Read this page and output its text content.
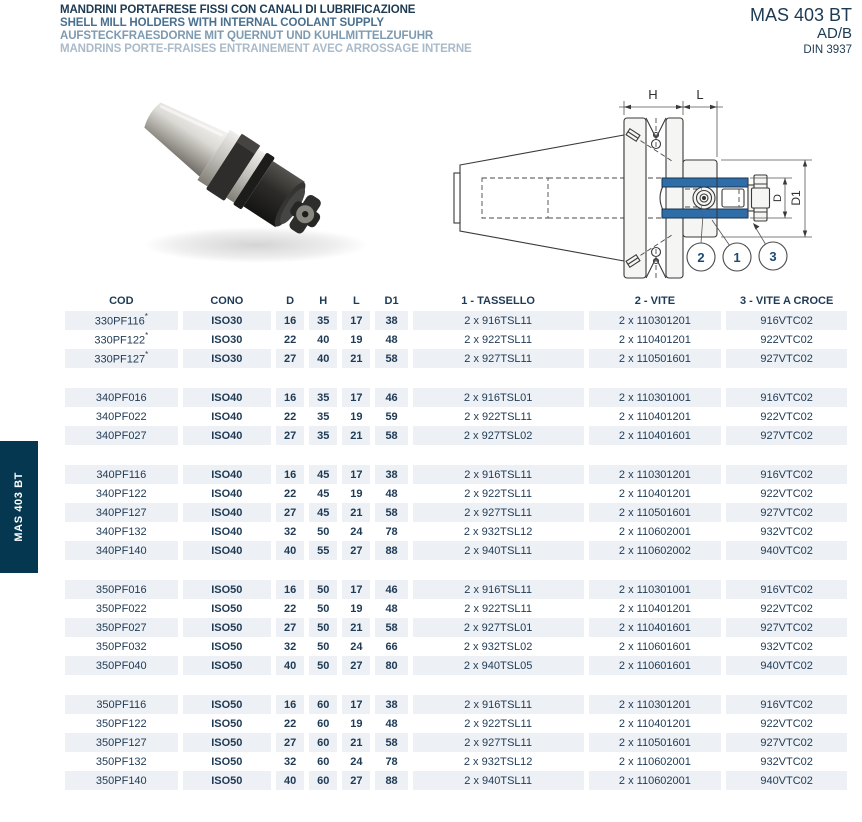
MANDRINI PORTAFRESE FISSI CON CANALI DI LUBRIFICAZIONE
SHELL MILL HOLDERS WITH INTERNAL COOLANT SUPPLY
AUFSTECKFRAESDORNE MIT QUERNUT UND KUHLMITTELZUFUHR
MANDRINS PORTE-FRAISES ENTRAINEMENT AVEC ARROSSAGE INTERNE
MAS 403 BT
AD/B
DIN 3937
H	L
D D1
2 1 3
MAS 403 BT
COD	CONO	D	H	L	D1	1 - TASSELLO	2 - VITE	3 - VITE A CROCE
330PF116*	ISO30	16	35	17	38	2 x 916TSL11	2 x 110301201	916VTC02
330PF122*	ISO30	22	40	19	48	2 x 922TSL11	2 x 110401201	922VTC02
330PF127*	ISO30	27	40	21	58	2 x 927TSL11	2 x 110501601	927VTC02

340PF016	ISO40	16	35	17	46	2 x 916TSL01	2 x 110301001	916VTC02
340PF022	ISO40	22	35	19	59	2 x 922TSL11	2 x 110401201	922VTC02
340PF027	ISO40	27	35	21	58	2 x 927TSL02	2 x 110401601	927VTC02

340PF116	ISO40	16	45	17	38	2 x 916TSL11	2 x 110301201	916VTC02
340PF122	ISO40	22	45	19	48	2 x 922TSL11	2 x 110401201	922VTC02
340PF127	ISO40	27	45	21	58	2 x 927TSL11	2 x 110501601	927VTC02
340PF132	ISO40	32	50	24	78	2 x 932TSL12	2 x 110602001	932VTC02
340PF140	ISO40	40	55	27	88	2 x 940TSL11	2 x 110602002	940VTC02

350PF016	ISO50	16	50	17	46	2 x 916TSL11	2 x 110301001	916VTC02
350PF022	ISO50	22	50	19	48	2 x 922TSL11	2 x 110401201	922VTC02
350PF027	ISO50	27	50	21	58	2 x 927TSL01	2 x 110401601	927VTC02
350PF032	ISO50	32	50	24	66	2 x 932TSL02	2 x 110601601	932VTC02
350PF040	ISO50	40	50	27	80	2 x 940TSL05	2 x 110601601	940VTC02

350PF116	ISO50	16	60	17	38	2 x 916TSL11	2 x 110301201	916VTC02
350PF122	ISO50	22	60	19	48	2 x 922TSL11	2 x 110401201	922VTC02
350PF127	ISO50	27	60	21	58	2 x 927TSL11	2 x 110501601	927VTC02
350PF132	ISO50	32	60	24	78	2 x 932TSL12	2 x 110602001	932VTC02
350PF140	ISO50	40	60	27	88	2 x 940TSL11	2 x 110602001	940VTC02
